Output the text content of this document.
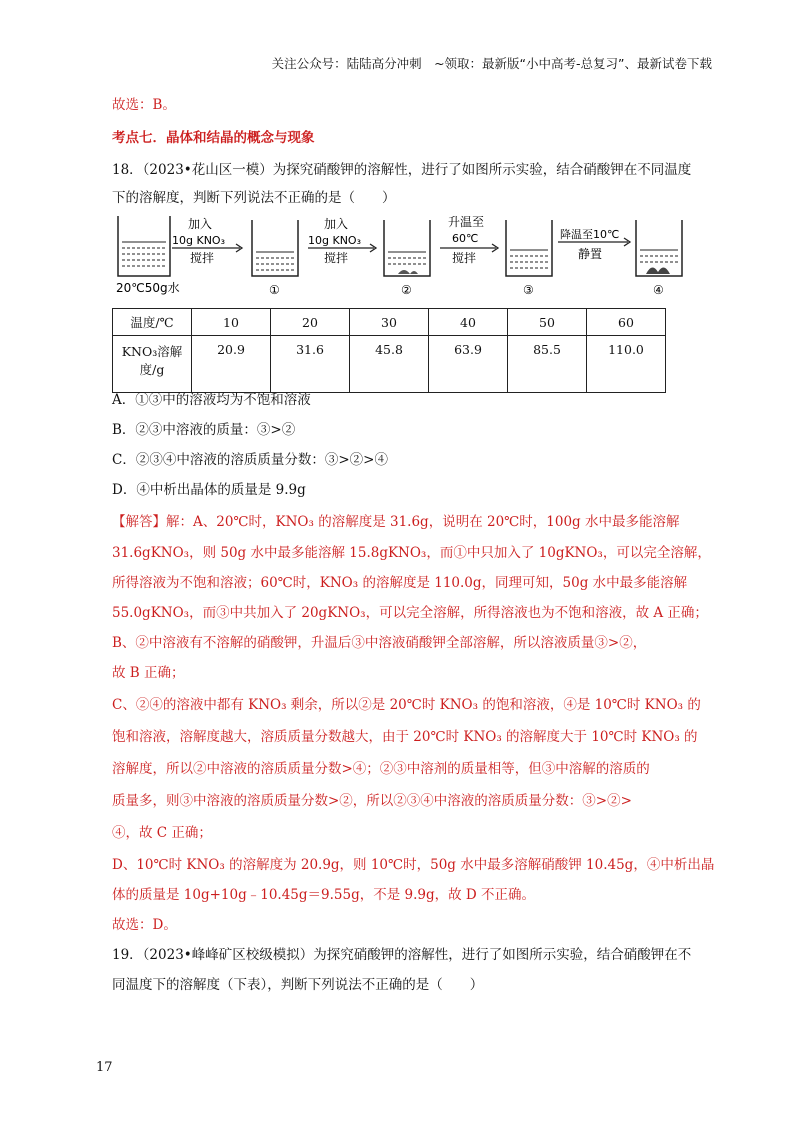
关注公众号：陆陆高分冲刺　~领取：最新版“小中高考-总复习”、最新试卷下载
故选：B。
考点七．晶体和结晶的概念与现象
18．（2023•花山区一模）为探究硝酸钾的溶解性，进行了如图所示实验，结合硝酸钾在不同温度
下的溶解度，判断下列说法不正确的是（　　）
20℃50g水
加入
10g KNO₃
搅拌
①
加入
10g KNO₃
搅拌
②
升温至
60℃
搅拌
③
降温至10℃
静置
④
温度/℃	10	20	30	40	50	60

KNO₃溶解
度/g	20.9	31.6	45.8	63.9	85.5	110.0
A．①③中的溶液均为不饱和溶液
B．②③中溶液的质量：③>②
C．②③④中溶液的溶质质量分数：③>②>④
D．④中析出晶体的质量是 9.9g
【解答】解：A、20℃时，KNO₃ 的溶解度是 31.6g，说明在 20℃时，100g 水中最多能溶解
31.6gKNO₃，则 50g 水中最多能溶解 15.8gKNO₃，而①中只加入了 10gKNO₃，可以完全溶解，
所得溶液为不饱和溶液；60℃时，KNO₃ 的溶解度是 110.0g，同理可知，50g 水中最多能溶解
55.0gKNO₃，而③中共加入了 20gKNO₃，可以完全溶解，所得溶液也为不饱和溶液，故 A 正确；
B、②中溶液有不溶解的硝酸钾，升温后③中溶液硝酸钾全部溶解，所以溶液质量③>②，
故 B 正确；
C、②④的溶液中都有 KNO₃ 剩余，所以②是 20℃时 KNO₃ 的饱和溶液，④是 10℃时 KNO₃ 的
饱和溶液，溶解度越大，溶质质量分数越大，由于 20℃时 KNO₃ 的溶解度大于 10℃时 KNO₃ 的
溶解度，所以②中溶液的溶质质量分数>④；②③中溶剂的质量相等，但③中溶解的溶质的
质量多，则③中溶液的溶质质量分数>②，所以②③④中溶液的溶质质量分数：③>②>
④，故 C 正确；
D、10℃时 KNO₃ 的溶解度为 20.9g，则 10℃时，50g 水中最多溶解硝酸钾 10.45g，④中析出晶
体的质量是 10g+10g﹣10.45g＝9.55g，不是 9.9g，故 D 不正确。
故选：D。
19．（2023•峰峰矿区校级模拟）为探究硝酸钾的溶解性，进行了如图所示实验，结合硝酸钾在不
同温度下的溶解度（下表），判断下列说法不正确的是（　　）
17
